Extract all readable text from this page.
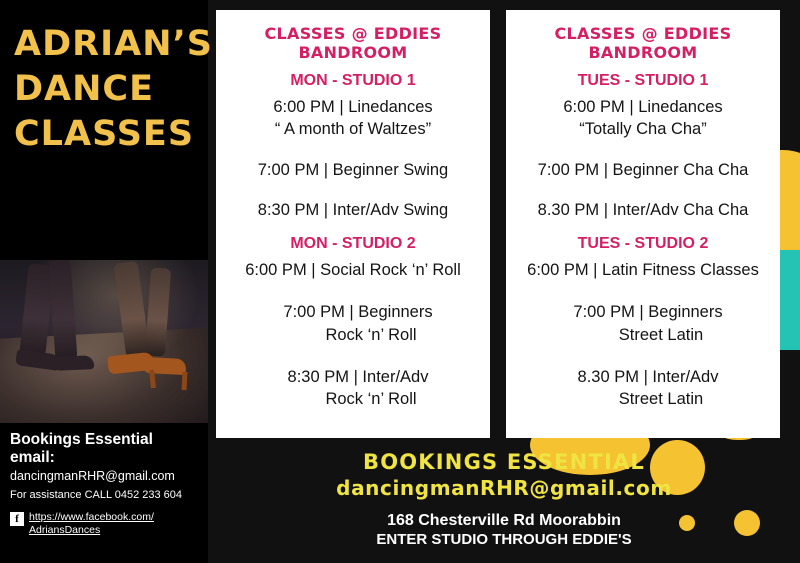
ADRIAN’S
DANCE
CLASSES
Bookings Essential email:
dancingmanRHR@gmail.com
For assistance CALL 0452 233 604
f https://www.facebook.com/
AdriansDances
CLASSES @ EDDIES BANDROOM
MON - STUDIO 1
6:00 PM | Linedances
“ A month of Waltzes”
7:00 PM | Beginner Swing
8:30 PM | Inter/Adv Swing
MON - STUDIO 2
6:00 PM | Social Rock ‘n’ Roll
7:00 PM | Beginners
Rock ‘n’ Roll
8:30 PM | Inter/Adv
Rock ‘n’ Roll
CLASSES @ EDDIES BANDROOM
TUES - STUDIO 1
6:00 PM | Linedances
“Totally Cha Cha”
7:00 PM | Beginner Cha Cha
8.30 PM | Inter/Adv Cha Cha
TUES - STUDIO 2
6:00 PM | Latin Fitness Classes
7:00 PM | Beginners
Street Latin
8.30 PM | Inter/Adv
Street Latin
BOOKINGS ESSENTIAL
dancingmanRHR@gmail.com
168 Chesterville Rd Moorabbin
ENTER STUDIO THROUGH EDDIE'S
